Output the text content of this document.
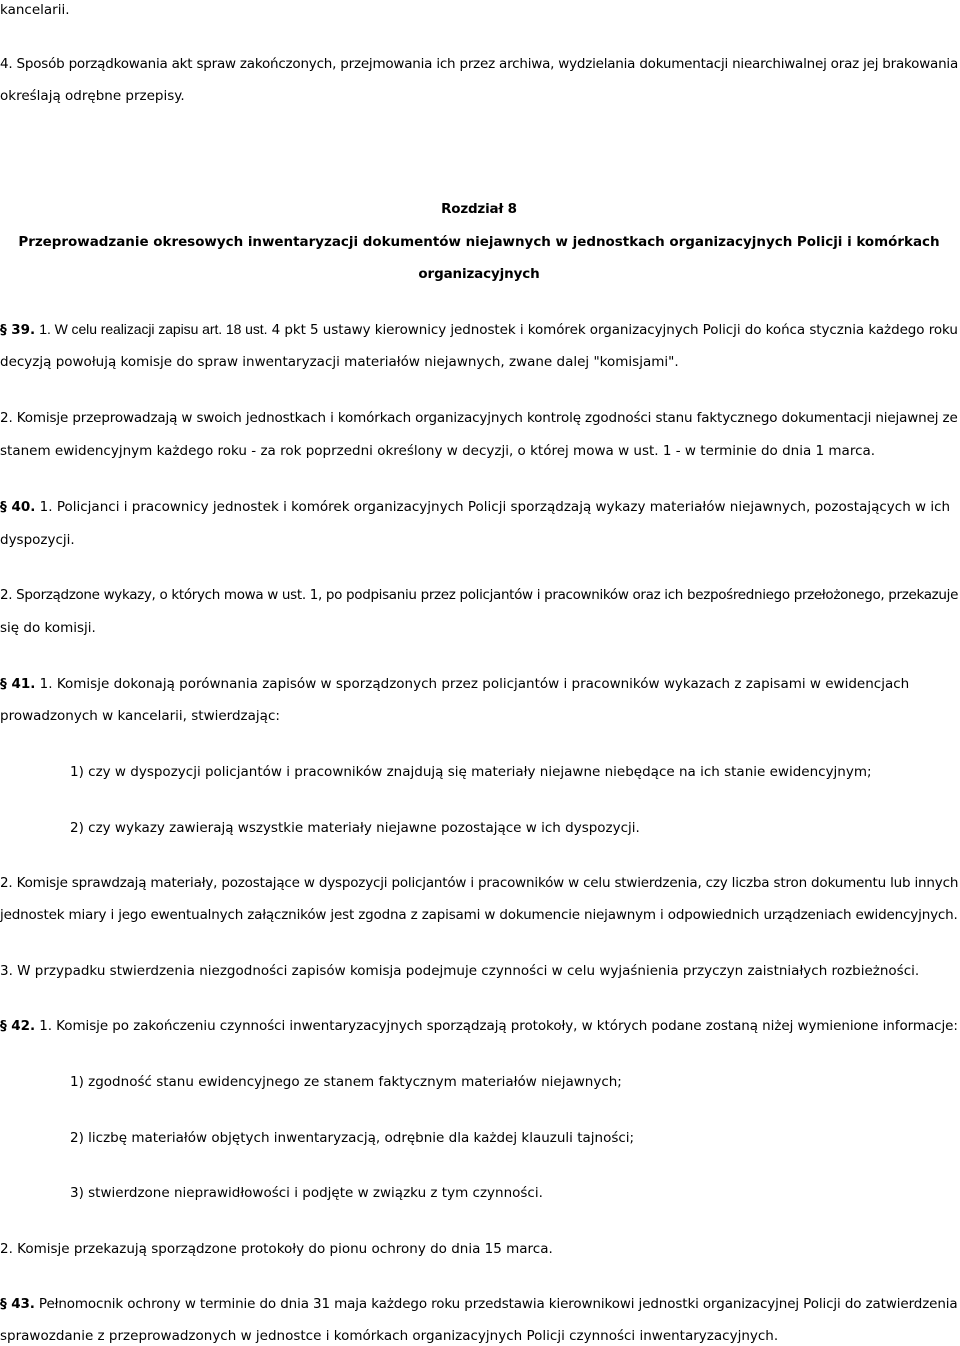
kancelarii.
4. Sposób porządkowania akt spraw zakończonych, przejmowania ich przez archiwa, wydzielania dokumentacji niearchiwalnej oraz jej brakowania
określają odrębne przepisy.
Rozdział 8
Przeprowadzanie okresowych inwentaryzacji dokumentów niejawnych w jednostkach organizacyjnych Policji i komórkach
organizacyjnych
§ 39. 1. W celu realizacji zapisu art. 18 ust. 4 pkt 5 ustawy kierownicy jednostek i komórek organizacyjnych Policji do końca stycznia każdego roku
decyzją powołują komisje do spraw inwentaryzacji materiałów niejawnych, zwane dalej "komisjami".
2. Komisje przeprowadzają w swoich jednostkach i komórkach organizacyjnych kontrolę zgodności stanu faktycznego dokumentacji niejawnej ze
stanem ewidencyjnym każdego roku - za rok poprzedni określony w decyzji, o której mowa w ust. 1 - w terminie do dnia 1 marca.
§ 40. 1. Policjanci i pracownicy jednostek i komórek organizacyjnych Policji sporządzają wykazy materiałów niejawnych, pozostających w ich
dyspozycji.
2. Sporządzone wykazy, o których mowa w ust. 1, po podpisaniu przez policjantów i pracowników oraz ich bezpośredniego przełożonego, przekazuje
się do komisji.
§ 41. 1. Komisje dokonają porównania zapisów w sporządzonych przez policjantów i pracowników wykazach z zapisami w ewidencjach
prowadzonych w kancelarii, stwierdzając:
1) czy w dyspozycji policjantów i pracowników znajdują się materiały niejawne niebędące na ich stanie ewidencyjnym;
2) czy wykazy zawierają wszystkie materiały niejawne pozostające w ich dyspozycji.
2. Komisje sprawdzają materiały, pozostające w dyspozycji policjantów i pracowników w celu stwierdzenia, czy liczba stron dokumentu lub innych
jednostek miary i jego ewentualnych załączników jest zgodna z zapisami w dokumencie niejawnym i odpowiednich urządzeniach ewidencyjnych.
3. W przypadku stwierdzenia niezgodności zapisów komisja podejmuje czynności w celu wyjaśnienia przyczyn zaistniałych rozbieżności.
§ 42. 1. Komisje po zakończeniu czynności inwentaryzacyjnych sporządzają protokoły, w których podane zostaną niżej wymienione informacje:
1) zgodność stanu ewidencyjnego ze stanem faktycznym materiałów niejawnych;
2) liczbę materiałów objętych inwentaryzacją, odrębnie dla każdej klauzuli tajności;
3) stwierdzone nieprawidłowości i podjęte w związku z tym czynności.
2. Komisje przekazują sporządzone protokoły do pionu ochrony do dnia 15 marca.
§ 43. Pełnomocnik ochrony w terminie do dnia 31 maja każdego roku przedstawia kierownikowi jednostki organizacyjnej Policji do zatwierdzenia
sprawozdanie z przeprowadzonych w jednostce i komórkach organizacyjnych Policji czynności inwentaryzacyjnych.
